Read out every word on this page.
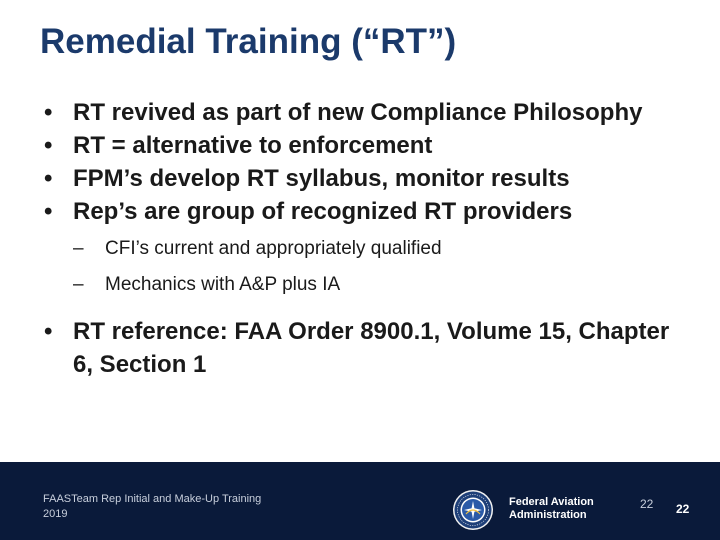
Remedial Training (“RT”)
• RT revived as part of new Compliance Philosophy
• RT = alternative to enforcement
• FPM’s develop RT syllabus, monitor results
• Rep’s are group of recognized RT providers
– CFI’s current and appropriately qualified
– Mechanics with A&P plus IA
• RT reference: FAA Order 8900.1, Volume 15, Chapter 6, Section 1
FAASTeam Rep Initial and Make-Up Training
2019
Federal Aviation
Administration
22 22
